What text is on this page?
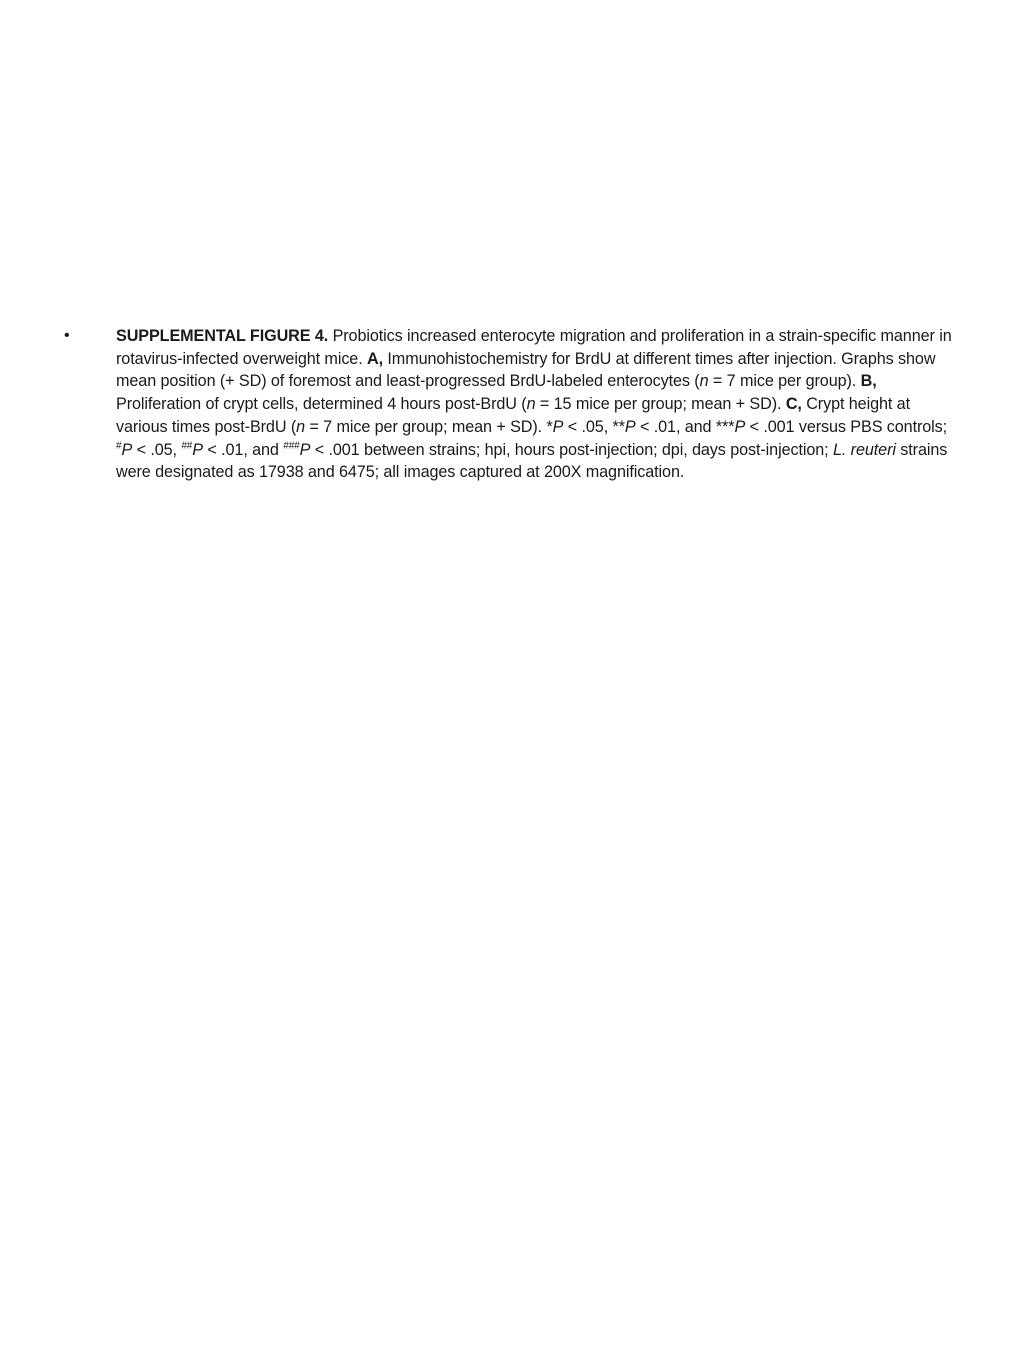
•	SUPPLEMENTAL FIGURE 4. Probiotics increased enterocyte migration and proliferation in a strain-specific manner in rotavirus-infected overweight mice. A, Immunohistochemistry for BrdU at different times after injection. Graphs show mean position (+ SD) of foremost and least-progressed BrdU-labeled enterocytes (n = 7 mice per group). B, Proliferation of crypt cells, determined 4 hours post-BrdU (n = 15 mice per group; mean + SD). C, Crypt height at various times post-BrdU (n = 7 mice per group; mean + SD). *P < .05, **P < .01, and ***P < .001 versus PBS controls; #P < .05, ##P < .01, and ###P < .001 between strains; hpi, hours post-injection; dpi, days post-injection; L. reuteri strains were designated as 17938 and 6475; all images captured at 200X magnification.
